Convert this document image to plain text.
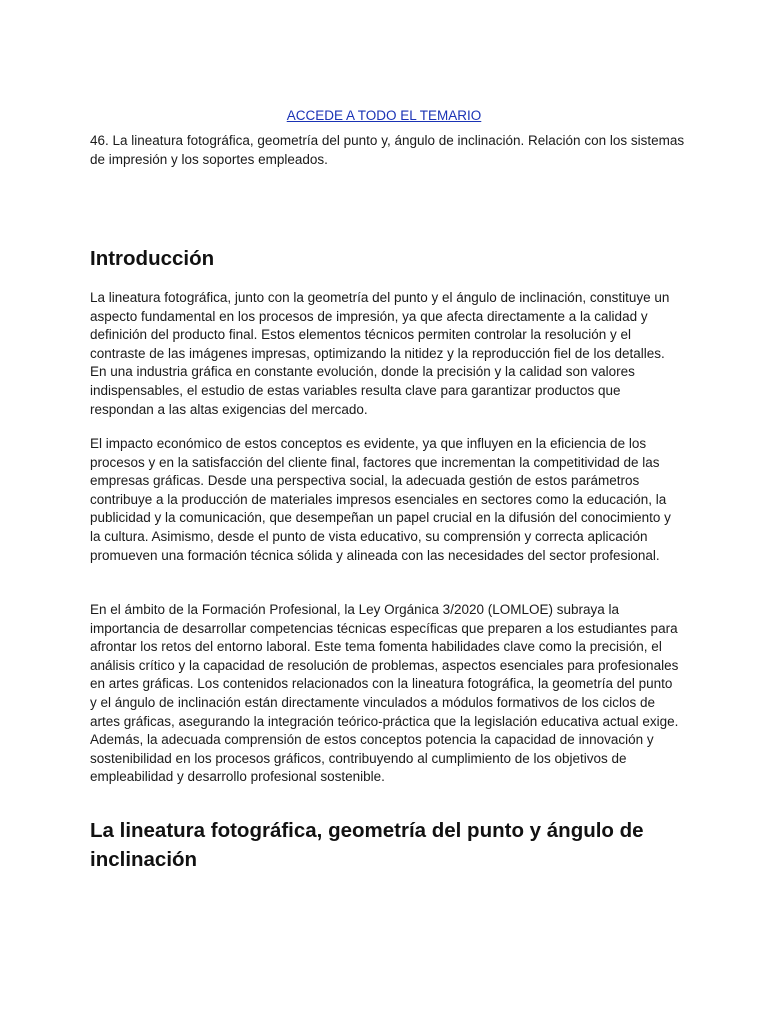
ACCEDE A TODO EL TEMARIO
46. La lineatura fotográfica, geometría del punto y, ángulo de inclinación. Relación con los sistemas de impresión y los soportes empleados.
Introducción

La lineatura fotográfica, junto con la geometría del punto y el ángulo de inclinación, constituye un aspecto fundamental en los procesos de impresión, ya que afecta directamente a la calidad y definición del producto final. Estos elementos técnicos permiten controlar la resolución y el contraste de las imágenes impresas, optimizando la nitidez y la reproducción fiel de los detalles. En una industria gráfica en constante evolución, donde la precisión y la calidad son valores indispensables, el estudio de estas variables resulta clave para garantizar productos que respondan a las altas exigencias del mercado.

El impacto económico de estos conceptos es evidente, ya que influyen en la eficiencia de los procesos y en la satisfacción del cliente final, factores que incrementan la competitividad de las empresas gráficas. Desde una perspectiva social, la adecuada gestión de estos parámetros contribuye a la producción de materiales impresos esenciales en sectores como la educación, la publicidad y la comunicación, que desempeñan un papel crucial en la difusión del conocimiento y la cultura. Asimismo, desde el punto de vista educativo, su comprensión y correcta aplicación promueven una formación técnica sólida y alineada con las necesidades del sector profesional.

En el ámbito de la Formación Profesional, la Ley Orgánica 3/2020 (LOMLOE) subraya la importancia de desarrollar competencias técnicas específicas que preparen a los estudiantes para afrontar los retos del entorno laboral. Este tema fomenta habilidades clave como la precisión, el análisis crítico y la capacidad de resolución de problemas, aspectos esenciales para profesionales en artes gráficas. Los contenidos relacionados con la lineatura fotográfica, la geometría del punto y el ángulo de inclinación están directamente vinculados a módulos formativos de los ciclos de artes gráficas, asegurando la integración teórico-práctica que la legislación educativa actual exige. Además, la adecuada comprensión de estos conceptos potencia la capacidad de innovación y sostenibilidad en los procesos gráficos, contribuyendo al cumplimiento de los objetivos de empleabilidad y desarrollo profesional sostenible.

La lineatura fotográfica, geometría del punto y ángulo de inclinación
